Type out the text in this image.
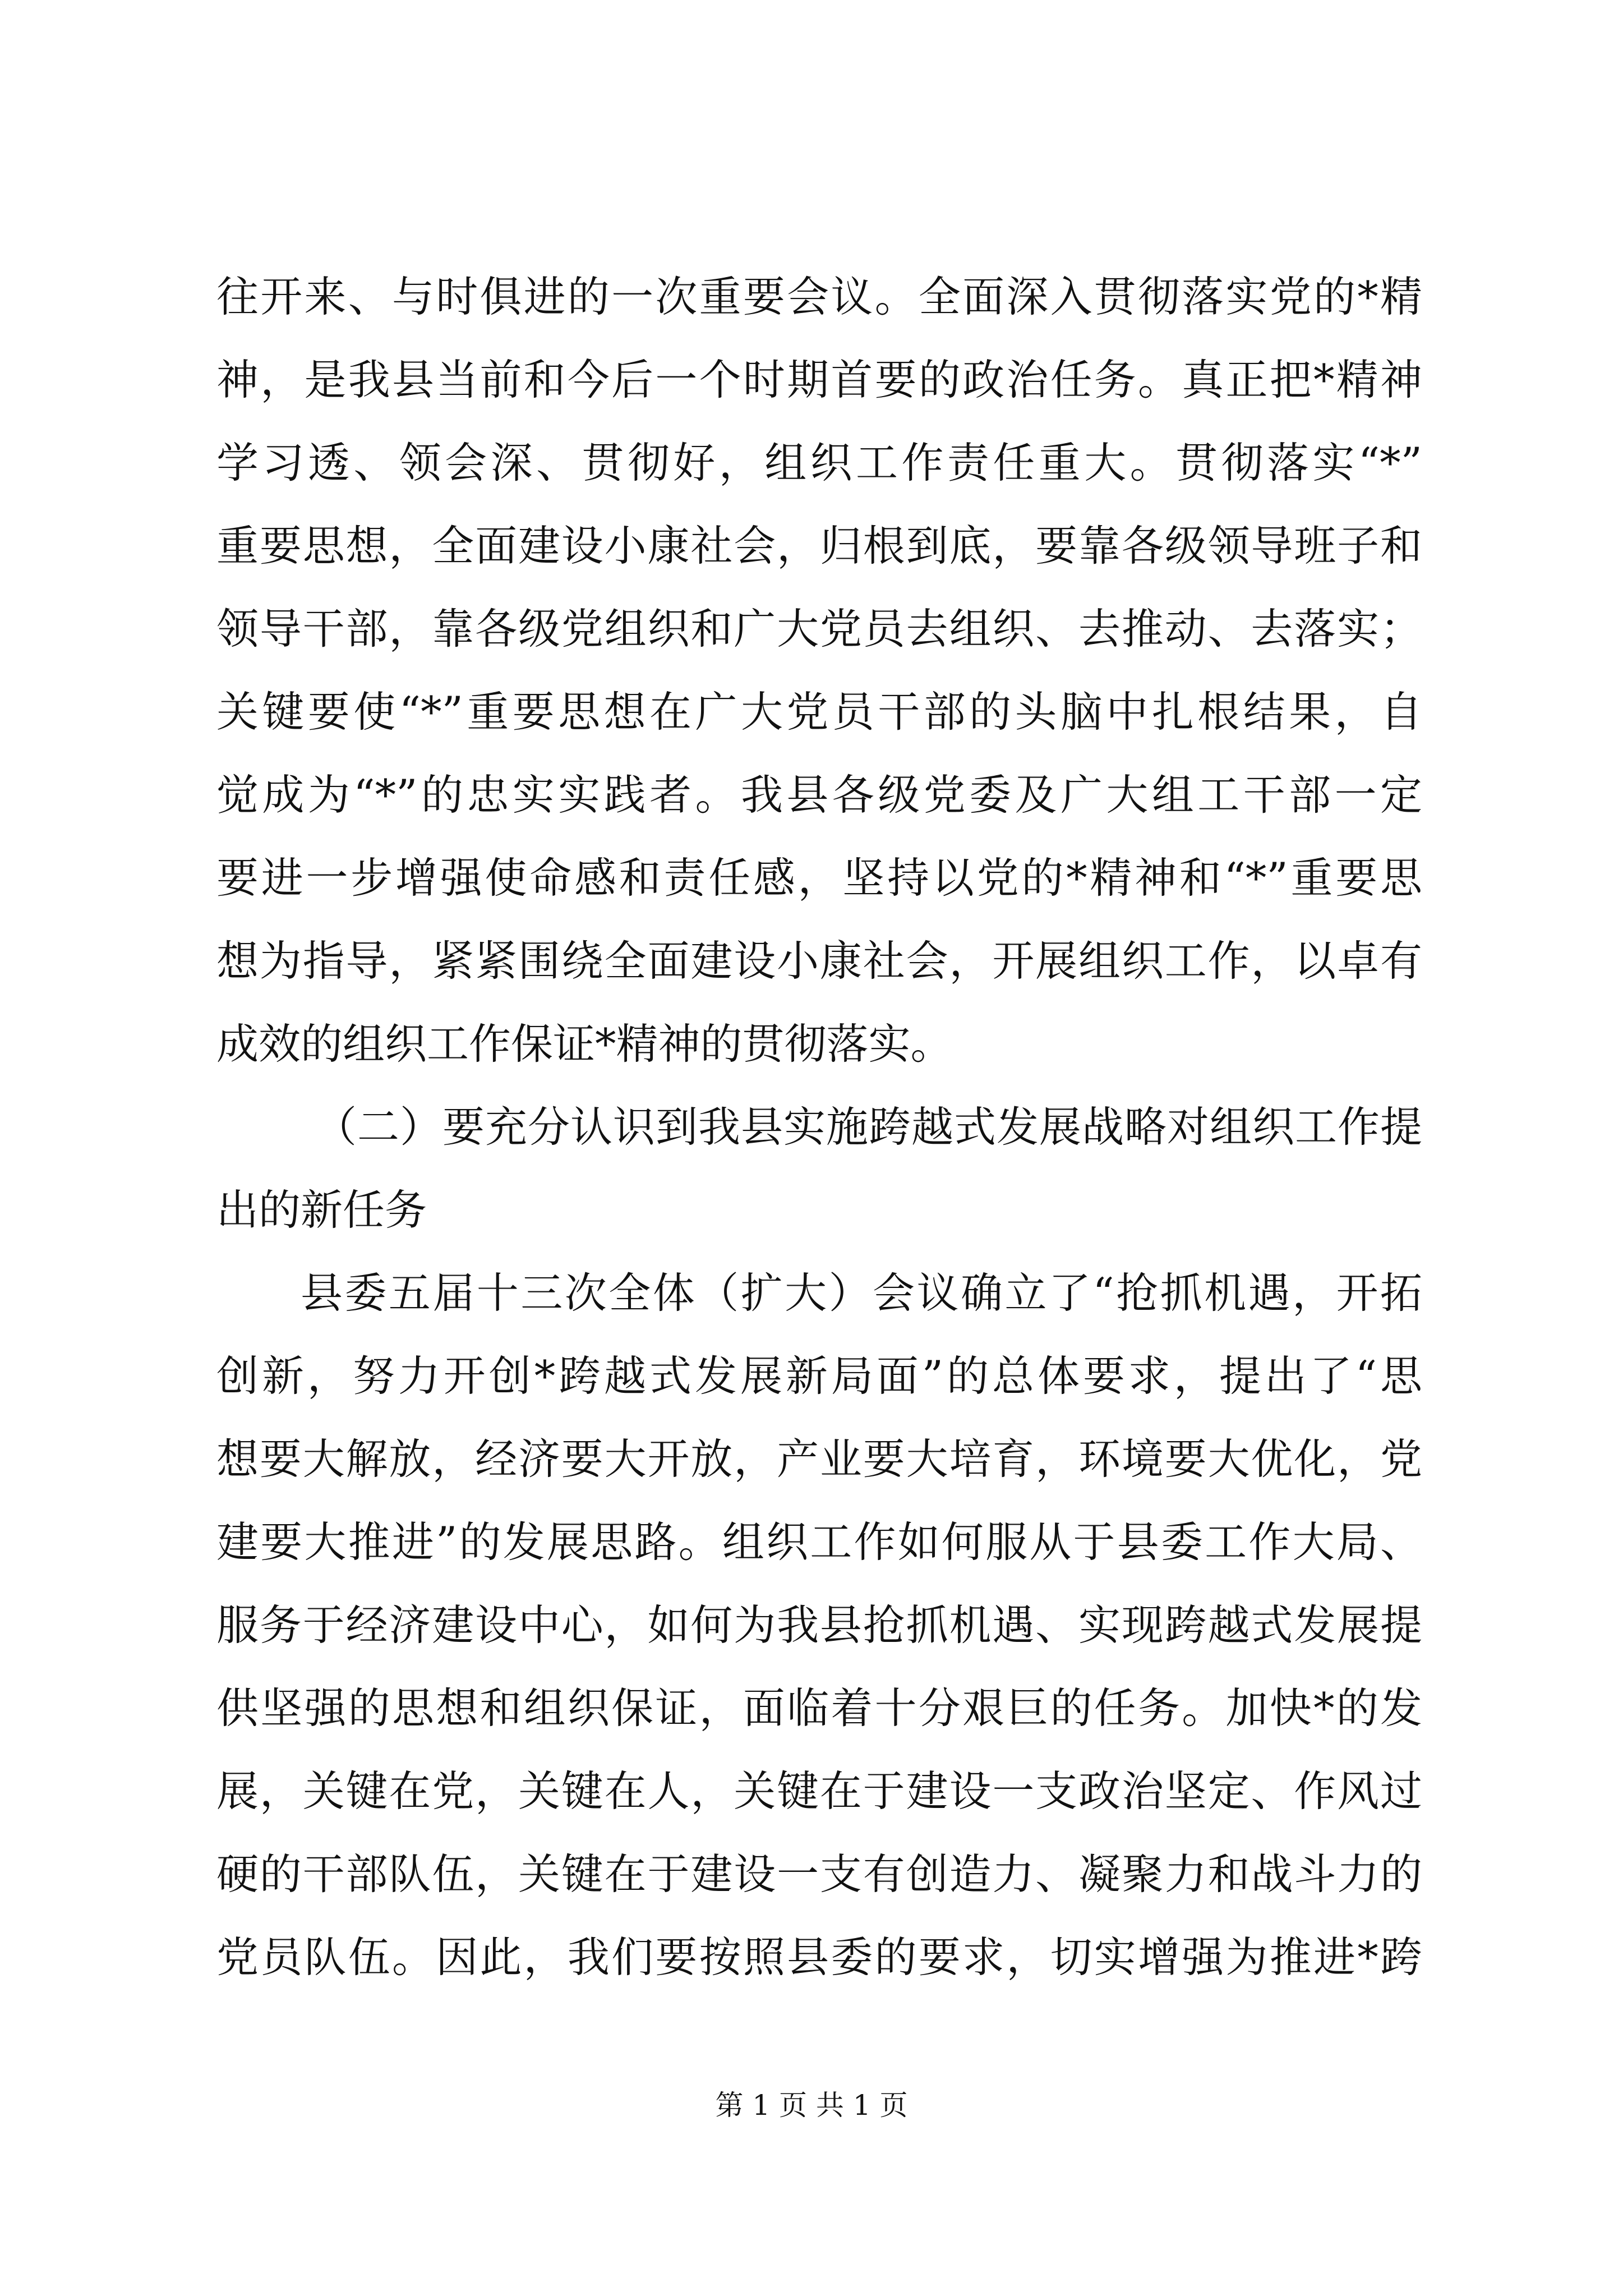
往开来、与时俱进的一次重要会议。全面深入贯彻落实党的*精
神，是我县当前和今后一个时期首要的政治任务。真正把*精神
学习透、领会深、贯彻好，组织工作责任重大。贯彻落实“*”
重要思想，全面建设小康社会，归根到底，要靠各级领导班子和
领导干部，靠各级党组织和广大党员去组织、去推动、去落实；
关键要使“*”重要思想在广大党员干部的头脑中扎根结果，自
觉成为“*”的忠实实践者。我县各级党委及广大组工干部一定
要进一步增强使命感和责任感，坚持以党的*精神和“*”重要思
想为指导，紧紧围绕全面建设小康社会，开展组织工作，以卓有
成效的组织工作保证*精神的贯彻落实。
（二）要充分认识到我县实施跨越式发展战略对组织工作提
出的新任务
县委五届十三次全体（扩大）会议确立了“抢抓机遇，开拓
创新，努力开创*跨越式发展新局面”的总体要求，提出了“思
想要大解放，经济要大开放，产业要大培育，环境要大优化，党
建要大推进”的发展思路。组织工作如何服从于县委工作大局、
服务于经济建设中心，如何为我县抢抓机遇、实现跨越式发展提
供坚强的思想和组织保证，面临着十分艰巨的任务。加快*的发
展，关键在党，关键在人，关键在于建设一支政治坚定、作风过
硬的干部队伍，关键在于建设一支有创造力、凝聚力和战斗力的
党员队伍。因此，我们要按照县委的要求，切实增强为推进*跨
第 1 页 共 1 页
